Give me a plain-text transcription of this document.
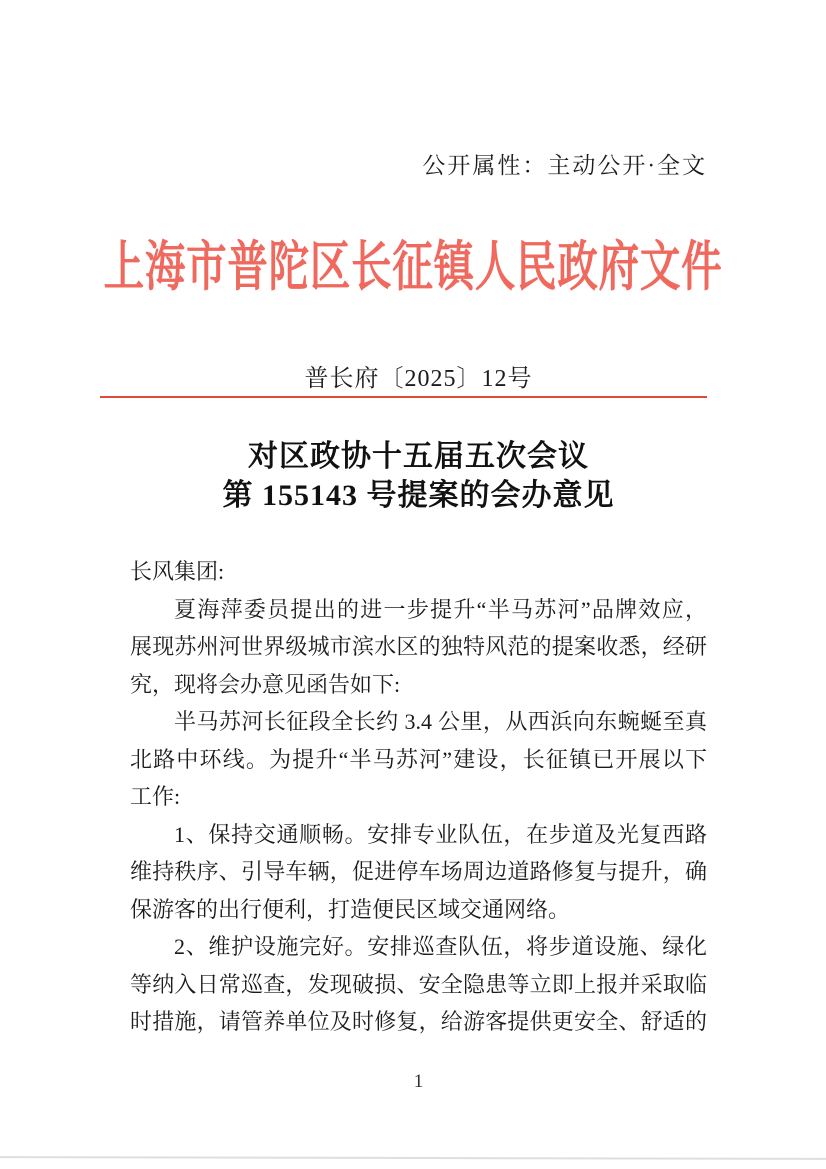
上海市普陀区长征镇人民政府文件
公开属性：主动公开·全文
普长府〔2025〕12号
对区政协十五届五次会议
第 155143 号提案的会办意见
长风集团:
夏海萍委员提出的进一步提升“半马苏河”品牌效应，
展现苏州河世界级城市滨水区的独特风范的提案收悉，经研
究，现将会办意见函告如下:
半马苏河长征段全长约 3.4 公里，从西浜向东蜿蜒至真
北路中环线。为提升“半马苏河”建设，长征镇已开展以下
工作:
1、保持交通顺畅。安排专业队伍，在步道及光复西路
维持秩序、引导车辆，促进停车场周边道路修复与提升，确
保游客的出行便利，打造便民区域交通网络。
2、维护设施完好。安排巡查队伍，将步道设施、绿化
等纳入日常巡查，发现破损、安全隐患等立即上报并采取临
时措施，请管养单位及时修复，给游客提供更安全、舒适的
1
